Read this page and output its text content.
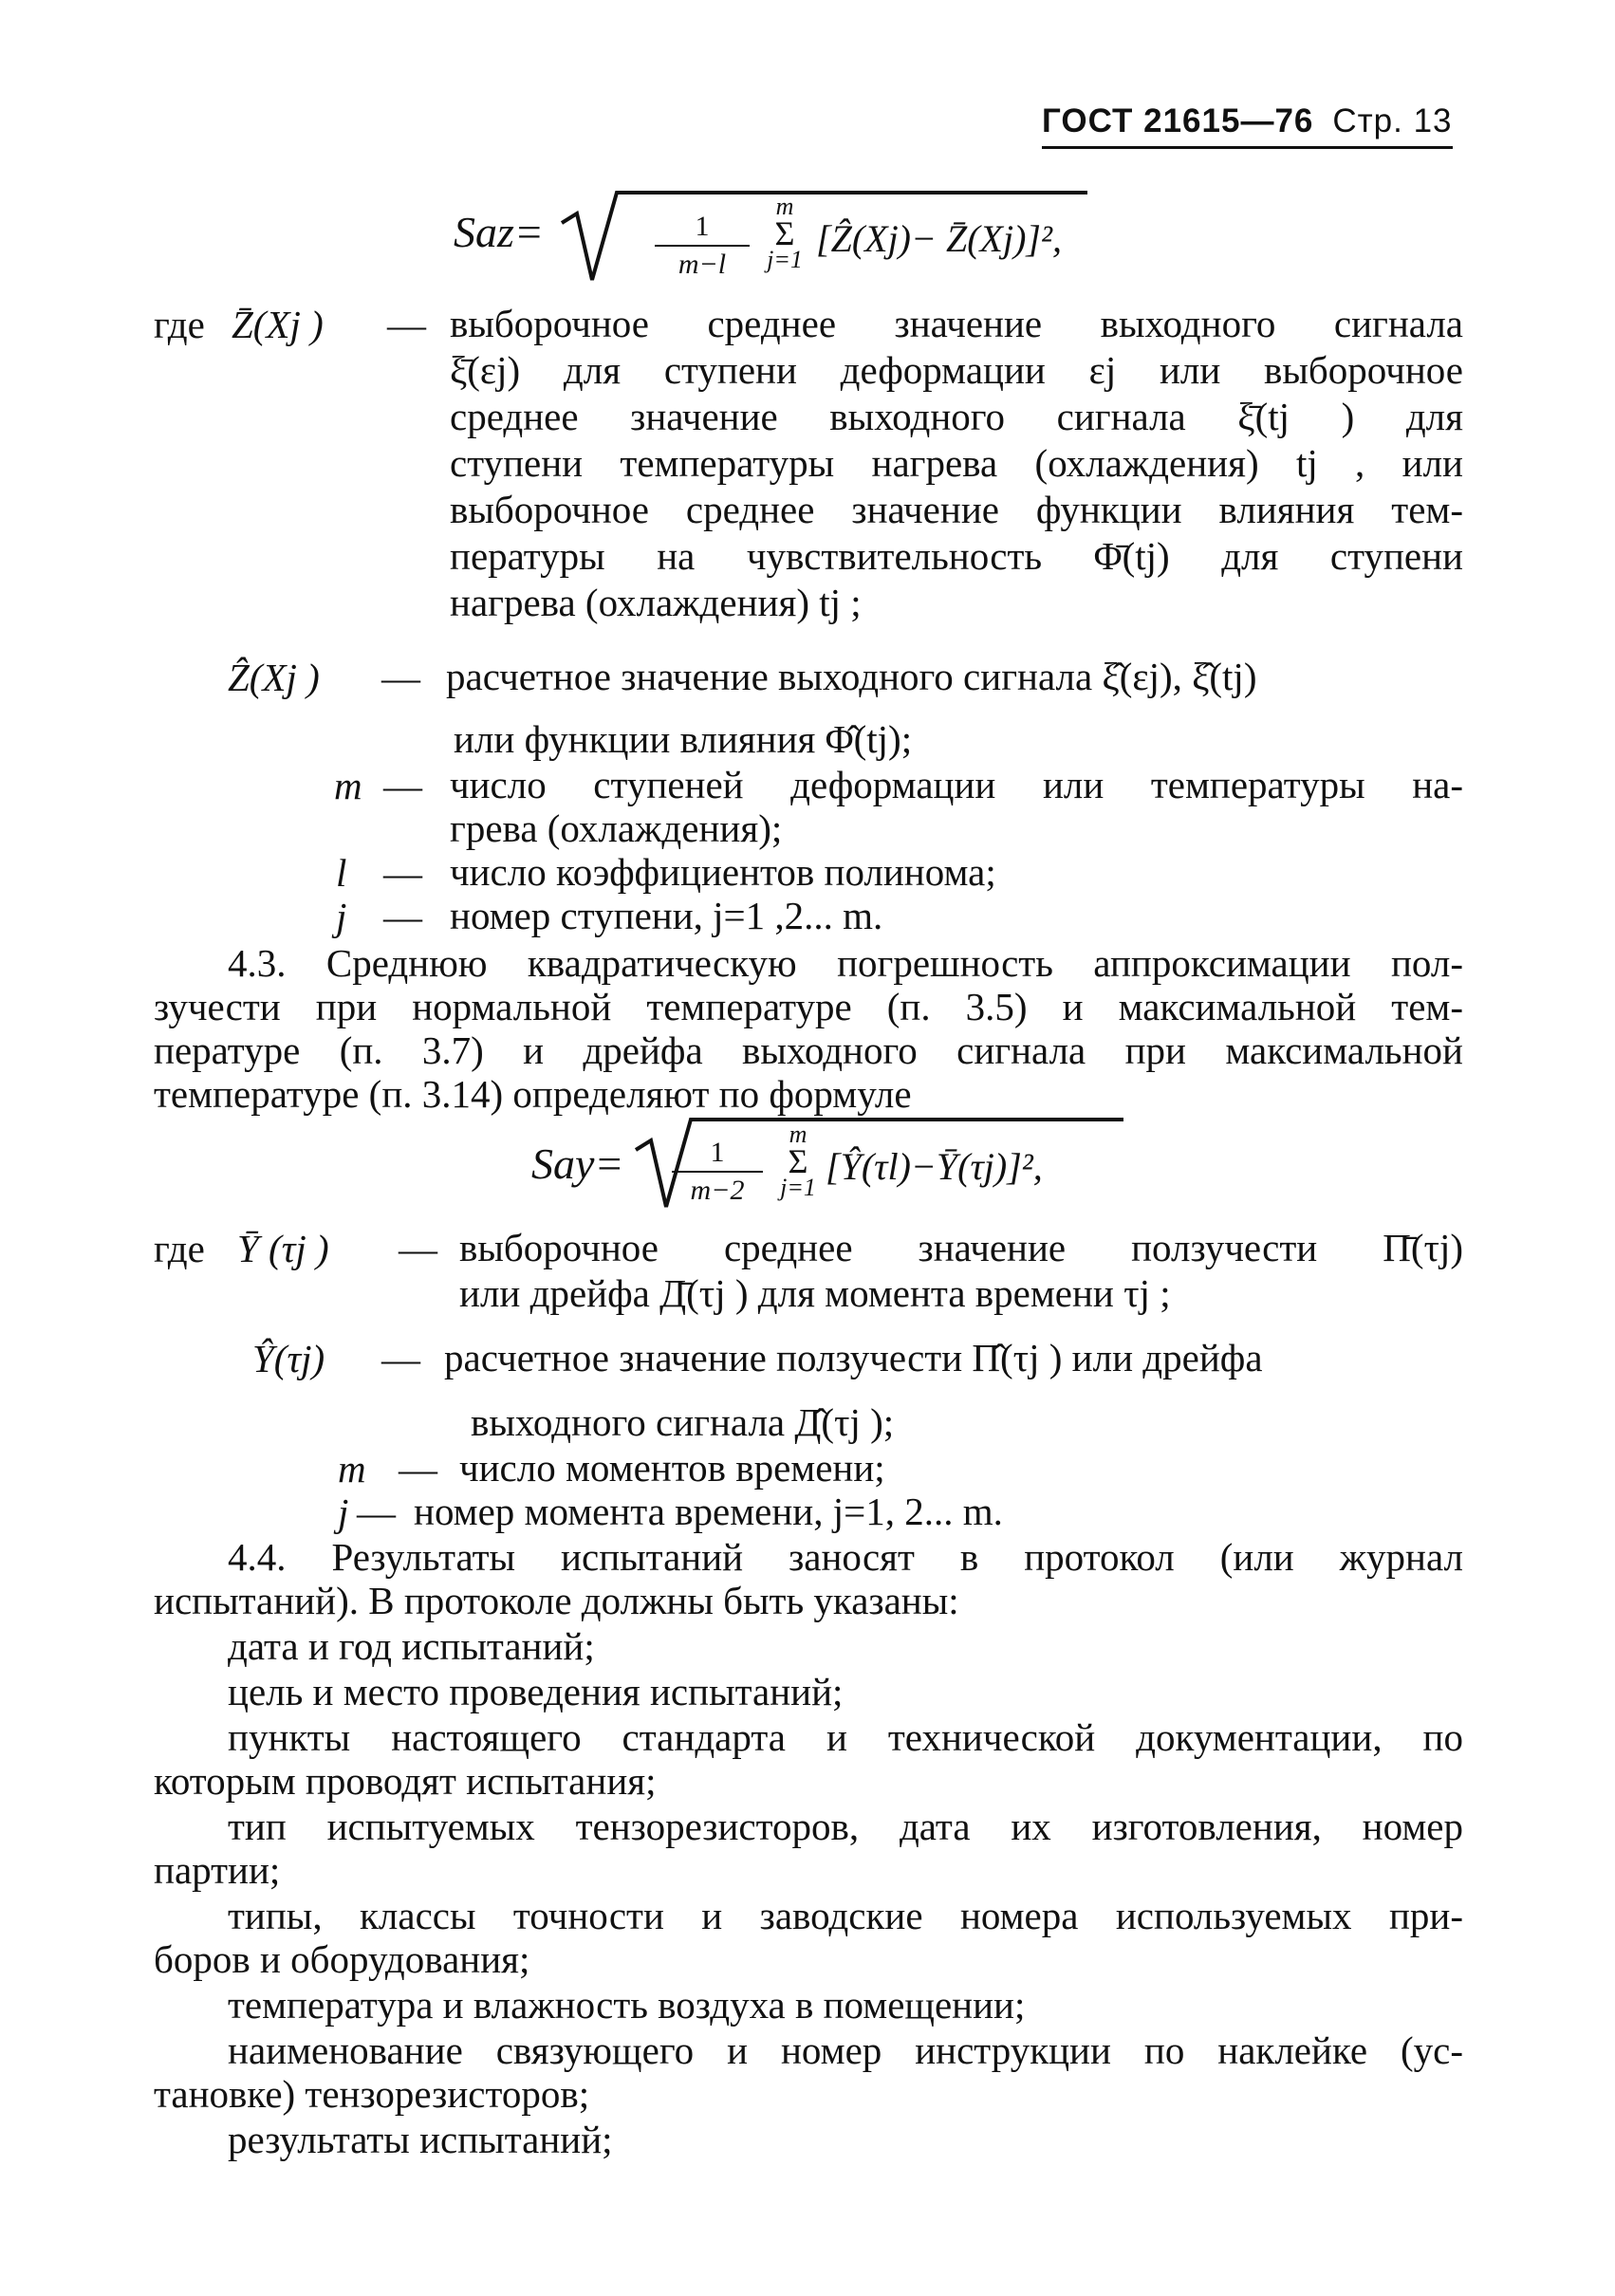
ГОСТ 21615—76 Стр. 13
Saz=	1
m−l
m
Σ
j=1 [Ẑ(Xj)− Z̄(Xj)]²,
где Z̄(Xj ) — выборочное среднее значение выходного сигнала
ξ̄(εj) для ступени деформации εj или выборочное
среднее значение выходного сигнала ξ̄(tj ) для
ступени температуры нагрева (охлаждения) tj , или
выборочное среднее значение функции влияния тем-
пературы на чувствительность Φ̄(tj) для ступени
нагрева (охлаждения) tj ;
Ẑ(Xj ) — расчетное значение выходного сигнала ξ̂(εj), ξ̂(tj)
или функции влияния Φ̂(tj);
m — число ступеней деформации или температуры на-
грева (охлаждения);
l — число коэффициентов полинома;
j — номер ступени, j=1 ,2... m.
4.3. Среднюю квадратическую погрешность аппроксимации пол-
зучести при нормальной температуре (п. 3.5) и максимальной тем-
пературе (п. 3.7) и дрейфа выходного сигнала при максимальной
температуре (п. 3.14) определяют по формуле
Say=	1
m−2
m
Σ
j=1 [Ŷ(τl)−Ȳ(τj)]²,
где Ȳ (τj ) — выборочное среднее значение ползучести П̄(τj)
или дрейфа Д̄(τj ) для момента времени τj ;
Ŷ(τj) — расчетное значение ползучести П̂(τj ) или дрейфа
выходного сигнала Д̂(τj );
m — число моментов времени;
j — номер момента времени, j=1, 2... m.
4.4. Результаты испытаний заносят в протокол (или журнал
испытаний). В протоколе должны быть указаны:
дата и год испытаний;
цель и место проведения испытаний;
пункты настоящего стандарта и технической документации, по
которым проводят испытания;
тип испытуемых тензорезисторов, дата их изготовления, номер
партии;
типы, классы точности и заводские номера используемых при-
боров и оборудования;
температура и влажность воздуха в помещении;
наименование связующего и номер инструкции по наклейке (ус-
тановке) тензорезисторов;
результаты испытаний;
